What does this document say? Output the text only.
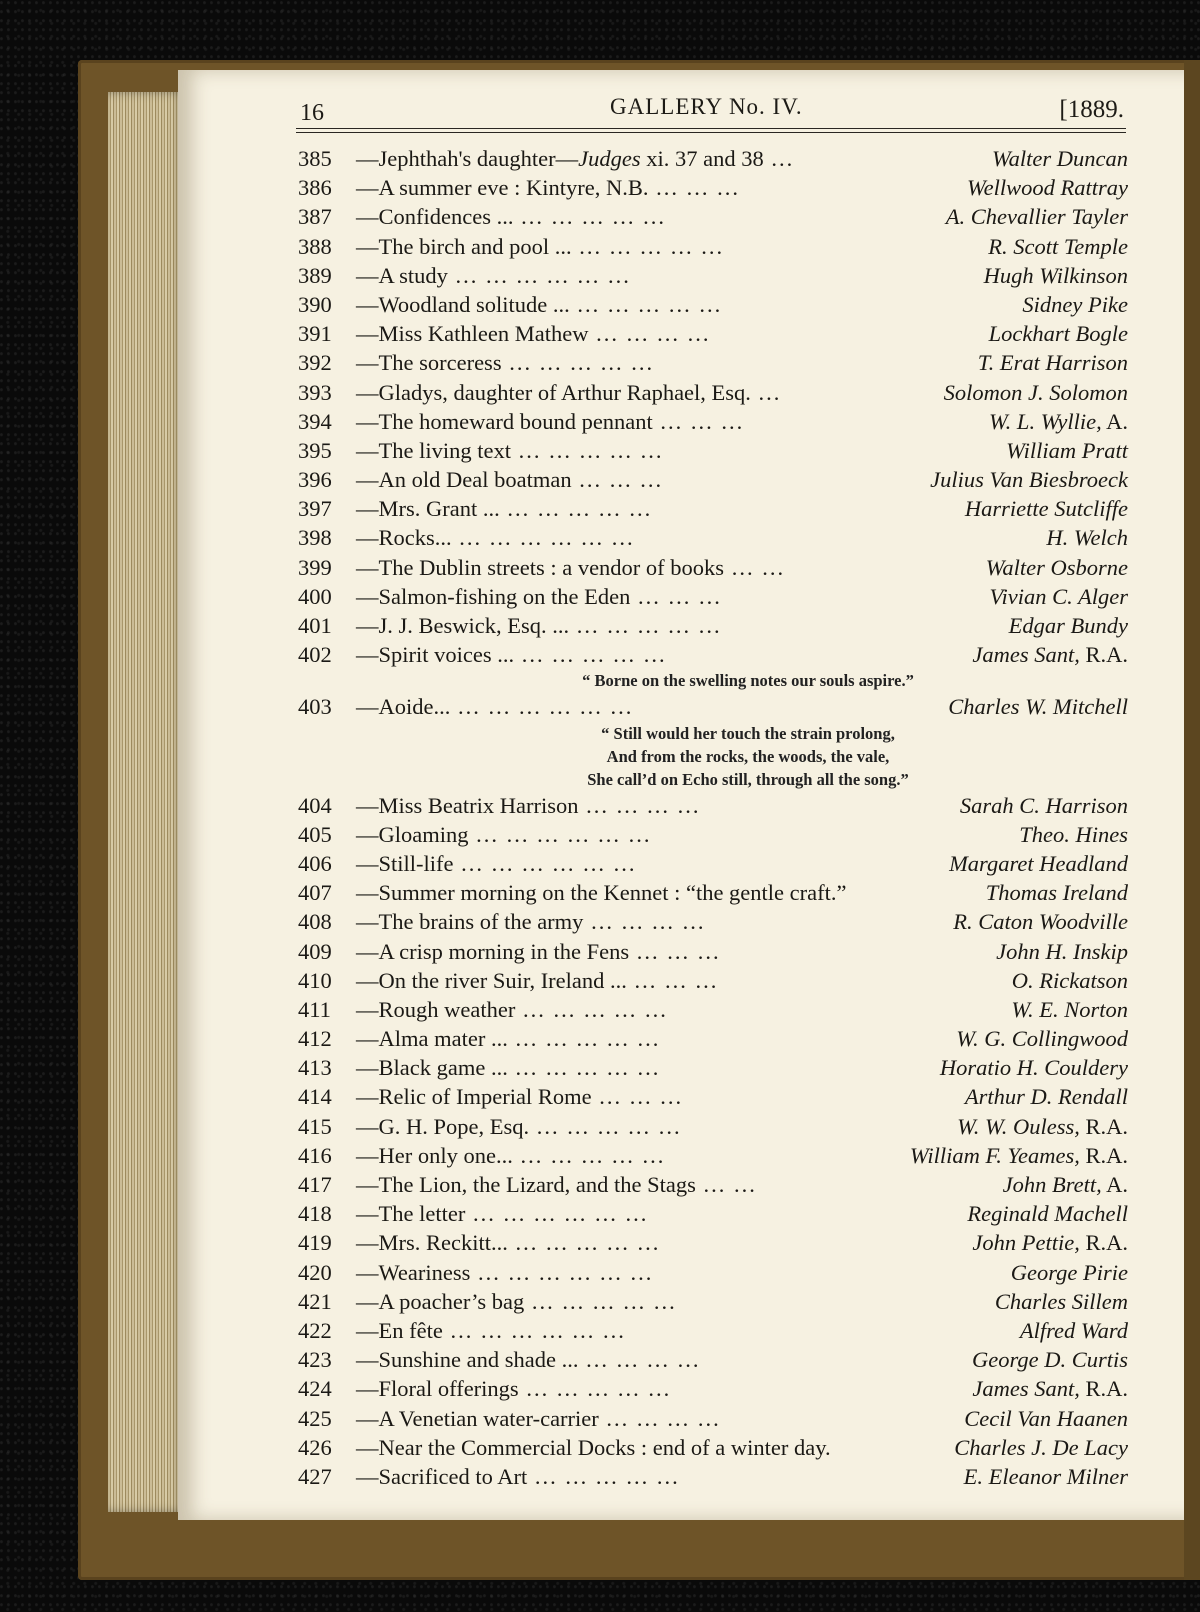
16	GALLERY No. IV.	[1889.
385 —Jephthah's daughter—Judges xi. 37 and 38 ...	Walter Duncan
386 —A summer eve : Kintyre, N.B. ... ... ...	Wellwood Rattray
387 —Confidences ... ... ... ... ... ...	A. Chevallier Tayler
388 —The birch and pool ... ... ... ... ... ...	R. Scott Temple
389 —A study ... ... ... ... ... ...	Hugh Wilkinson
390 —Woodland solitude ... ... ... ... ... ...	Sidney Pike
391 —Miss Kathleen Mathew ... ... ... ...	Lockhart Bogle
392 —The sorceress ... ... ... ... ...	T. Erat Harrison
393 —Gladys, daughter of Arthur Raphael, Esq. ...	Solomon J. Solomon
394 —The homeward bound pennant ... ... ...	W. L. Wyllie, A.
395 —The living text ... ... ... ... ...	William Pratt
396 —An old Deal boatman ... ... ...	Julius Van Biesbroeck
397 —Mrs. Grant ... ... ... ... ... ...	Harriette Sutcliffe
398 —Rocks... ... ... ... ... ... ...	H. Welch
399 —The Dublin streets : a vendor of books ... ...	Walter Osborne
400 —Salmon-fishing on the Eden ... ... ...	Vivian C. Alger
401 —J. J. Beswick, Esq. ... ... ... ... ... ...	Edgar Bundy
402 —Spirit voices ... ... ... ... ... ...	James Sant, R.A.
“ Borne on the swelling notes our souls aspire.”
403 —Aoide... ... ... ... ... ... ...	Charles W. Mitchell
“ Still would her touch the strain prolong,
And from the rocks, the woods, the vale,
She call’d on Echo still, through all the song.”
404 —Miss Beatrix Harrison ... ... ... ...	Sarah C. Harrison
405 —Gloaming ... ... ... ... ... ...	Theo. Hines
406 —Still-life ... ... ... ... ... ...	Margaret Headland
407 —Summer morning on the Kennet : “the gentle craft.”	Thomas Ireland
408 —The brains of the army ... ... ... ...	R. Caton Woodville
409 —A crisp morning in the Fens ... ... ...	John H. Inskip
410 —On the river Suir, Ireland ... ... ... ...	O. Rickatson
411 —Rough weather ... ... ... ... ...	W. E. Norton
412 —Alma mater ... ... ... ... ... ...	W. G. Collingwood
413 —Black game ... ... ... ... ... ...	Horatio H. Couldery
414 —Relic of Imperial Rome ... ... ...	Arthur D. Rendall
415 —G. H. Pope, Esq. ... ... ... ... ...	W. W. Ouless, R.A.
416 —Her only one... ... ... ... ... ...	William F. Yeames, R.A.
417 —The Lion, the Lizard, and the Stags ... ...	John Brett, A.
418 —The letter ... ... ... ... ... ...	Reginald Machell
419 —Mrs. Reckitt... ... ... ... ... ...	John Pettie, R.A.
420 —Weariness ... ... ... ... ... ...	George Pirie
421 —A poacher’s bag ... ... ... ... ...	Charles Sillem
422 —En fête ... ... ... ... ... ...	Alfred Ward
423 —Sunshine and shade ... ... ... ... ...	George D. Curtis
424 —Floral offerings ... ... ... ... ...	James Sant, R.A.
425 —A Venetian water-carrier ... ... ... ...	Cecil Van Haanen
426 —Near the Commercial Docks : end of a winter day.	Charles J. De Lacy
427 —Sacrificed to Art ... ... ... ... ...	E. Eleanor Milner
